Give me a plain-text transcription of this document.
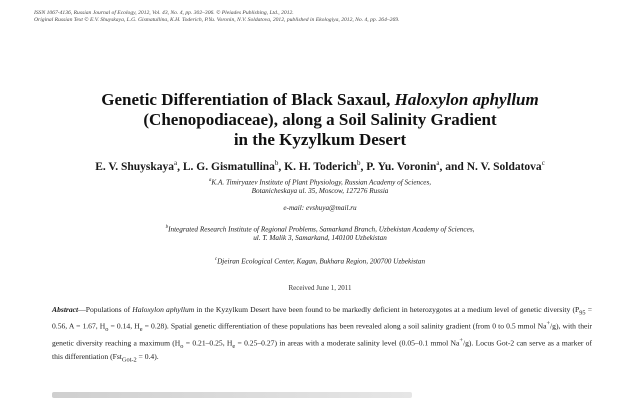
ISSN 1067-4136, Russian Journal of Ecology, 2012, Vol. 43, No. 4, pp. 302–306. © Pleiades Publishing, Ltd., 2012.
Original Russian Text © E.V. Shuyskaya, L.G. Gismatullina, K.H. Toderich, P.Yu. Voronin, N.V. Soldatova, 2012, published in Ekologiya, 2012, No. 4, pp. 264–269.
Genetic Differentiation of Black Saxaul, Haloxylon aphyllum
(Chenopodiaceae), along a Soil Salinity Gradient
in the Kyzylkum Desert
E. V. Shuyskaya$^a$, L. G. Gismatullina$^b$, K. H. Toderich$^b$, P. Yu. Voronin$^a$, and N. V. Soldatova$^c$
$^a$K.A. Timiryazev Institute of Plant Physiology, Russian Academy of Sciences,
Botanicheskaya ul. 35, Moscow, 127276 Russia
e-mail: evshuya@mail.ru
$^b$Integrated Research Institute of Regional Problems, Samarkand Branch, Uzbekistan Academy of Sciences,
ul. T. Malik 3, Samarkand, 140100 Uzbekistan
$^c$Djeiran Ecological Center, Kagan, Bukhara Region, 200700 Uzbekistan
Received June 1, 2011
Abstract—Populations of Haloxylon aphyllum in the Kyzylkum Desert have been found to be markedly deficient in heterozygotes at a medium level of genetic diversity ($P_{95} = 0.56$, A = 1.67, $H_o = 0.14$, $H_e = 0.28$). Spatial genetic differentiation of these populations has been revealed along a soil salinity gradient (from 0 to 0.5 mmol Na+/g), with their genetic diversity reaching a maximum ($H_o = 0.21-0.25$, $H_e = 0.25-0.27$) in areas with a moderate salinity level (0.05–0.1 mmol Na+/g). Locus Got-2 can serve as a marker of this differentiation (Fst$_{Got-2}$ = 0.4).
